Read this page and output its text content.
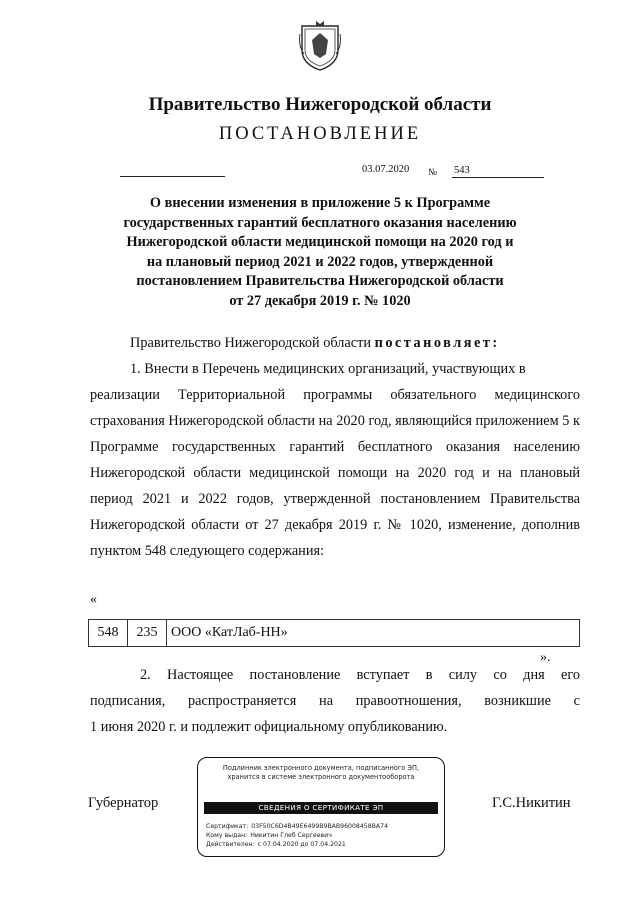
Правительство Нижегородской области
ПОСТАНОВЛЕНИЕ
03.07.2020 № 543
О внесении изменения в приложение 5 к Программе
государственных гарантий бесплатного оказания населению
Нижегородской области медицинской помощи на 2020 год и
на плановый период 2021 и 2022 годов, утвержденной
постановлением Правительства Нижегородской области
от 27 декабря 2019 г. № 1020
Правительство Нижегородской области постановляет:
1. Внести в Перечень медицинских организаций, участвующих в
реализации Территориальной программы обязательного медицинского страхования Нижегородской области на 2020 год, являющийся приложением 5 к Программе государственных гарантий бесплатного оказания населению Нижегородской области медицинской помощи на 2020 год и на плановый период 2021 и 2022 годов, утвержденной постановлением Правительства Нижегородской области от 27 декабря 2019 г. № 1020, изменение, дополнив пунктом 548 следующего содержания:
«
548	235	ООО «КатЛаб-НН»
».
2. Настоящее постановление вступает в силу со дня его
подписания, распространяется на правоотношения, возникшие с
1 июня 2020 г. и подлежит официальному опубликованию.
Губернатор	Г.С.Никитин
Подлинник электронного документа, подписанного ЭП,
хранится в системе электронного документооборота
СВЕДЕНИЯ О СЕРТИФИКАТЕ ЭП
Сертификат: 03F50C6D4B49E6499B9BAB96008458BA74
Кому выдан: Никитин Глеб Сергеевич
Действителен: с 07.04.2020 до 07.04.2021
